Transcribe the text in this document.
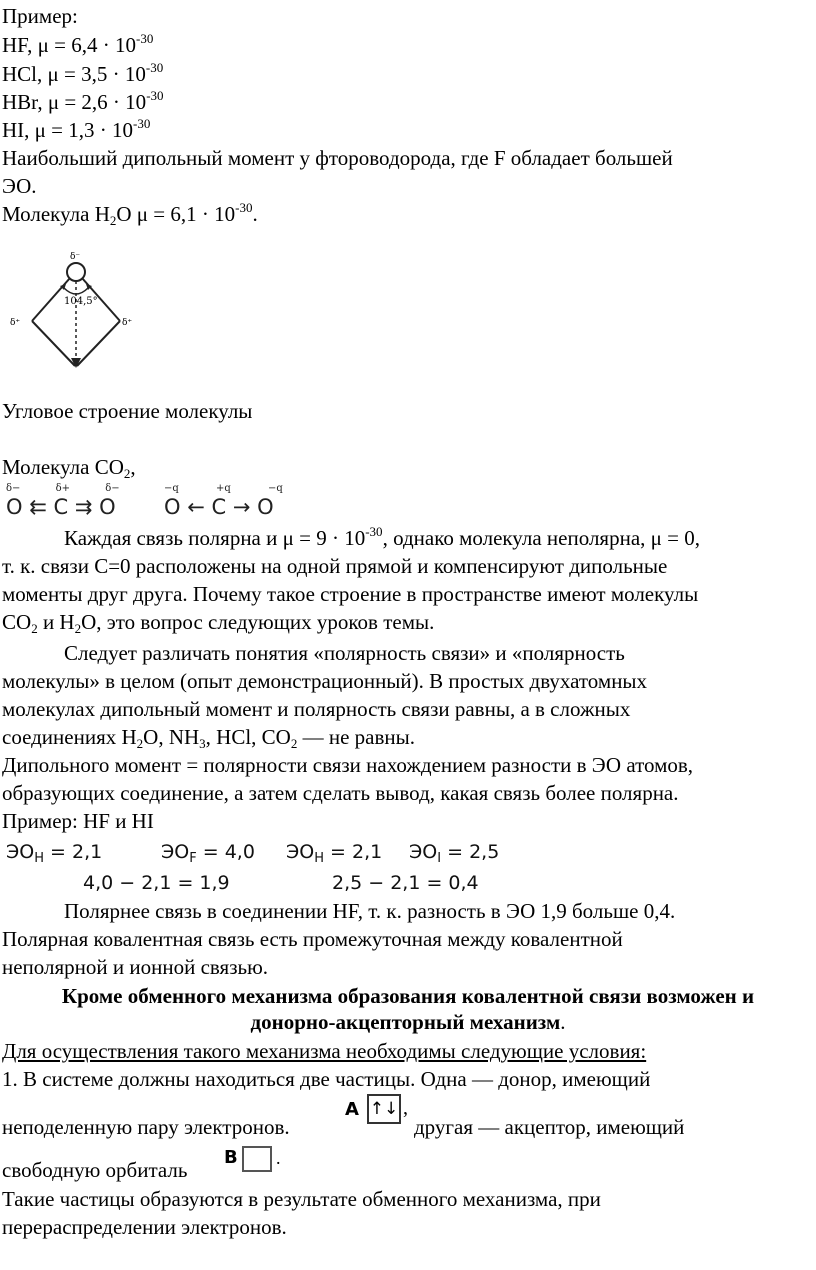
Пример:
HF, $\mu = 6,4 \cdot 10^{-30}$
HCl, $\mu = 3,5 \cdot 10^{-30}$
HBr, $\mu = 2,6 \cdot 10^{-30}$
HI, $\mu = 1,3 \cdot 10^{-30}$
Наибольший дипольный момент у фтороводорода, где F обладает большей
ЭО.
Молекула $H_2O$ $\mu = 6,1 \cdot 10^{-30}$.
δ⁻
104,5°
δ⁺	δ⁺
Угловое строение молекулы
Молекула $CO_2$,
δ−	δ+	δ−
O ⇇ C ⇉ O
−q	+q	−q
O ← C → O
Каждая связь полярна и $\mu = 9 \cdot 10^{-30}$, однако молекула неполярна, μ = 0,
т. к. связи С=0 расположены на одной прямой и компенсируют дипольные
моменты друг друга. Почему такое строение в пространстве имеют молекулы
$CO_2$ и $H_2O$, это вопрос следующих уроков темы.
Следует различать понятия «полярность связи» и «полярность
молекулы» в целом (опыт демонстрационный). В простых двухатомных
молекулах дипольный момент и полярность связи равны, а в сложных
соединениях $H_2O$, $NH_3$, HCl, $CO_2$ — не равны.
Дипольного момент = полярности связи нахождением разности в ЭО атомов,
образующих соединение, а затем сделать вывод, какая связь более полярна.
Пример: HF и HI
$ЭО_H = 2,1$	$ЭО_F = 4,0$ $ЭО_H = 2,1$ $ЭО_I = 2,5$
4,0 − 2,1 = 1,9	2,5 − 2,1 = 0,4
Полярнее связь в соединении HF, т. к. разность в ЭО 1,9 больше 0,4.
Полярная ковалентная связь есть промежуточная между ковалентной
неполярной и ионной связью.
Кроме обменного механизма образования ковалентной связи возможен и
донорно-акцепторный механизм.
Для осуществления такого механизма необходимы следующие условия:
1. В системе должны находиться две частицы. Одна — донор, имеющий
неподеленную пару электронов.
A ↑↓ ,
другая — акцептор, имеющий
свободную орбиталь
B .
Такие частицы образуются в результате обменного механизма, при
перераспределении электронов.
